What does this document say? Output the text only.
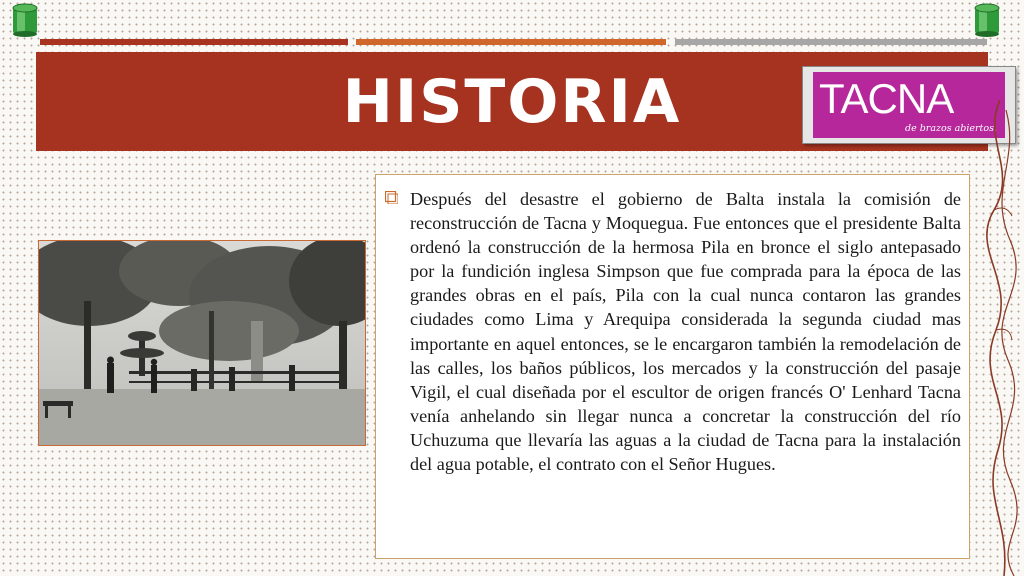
HISTORIA	TACNA
de brazos abiertos.

Después del desastre el gobierno de Balta instala la comisión de reconstrucción de Tacna y Moquegua. Fue entonces que el presidente Balta ordenó la construcción de la hermosa Pila en bronce el siglo antepasado por la fundición inglesa Simpson que fue comprada para la época de las grandes obras en el país, Pila con la cual nunca contaron las grandes ciudades como Lima y Arequipa considerada la segunda ciudad mas importante en aquel entonces, se le encargaron también la remodelación de las calles, los baños públicos, los mercados y la construcción del pasaje Vigil, el cual diseñada por el escultor de origen francés O' Lenhard Tacna venía anhelando sin llegar nunca a concretar la construcción del río Uchuzuma que llevaría las aguas a la ciudad de Tacna para la instalación del agua potable, el contrato con el Señor Hugues.
